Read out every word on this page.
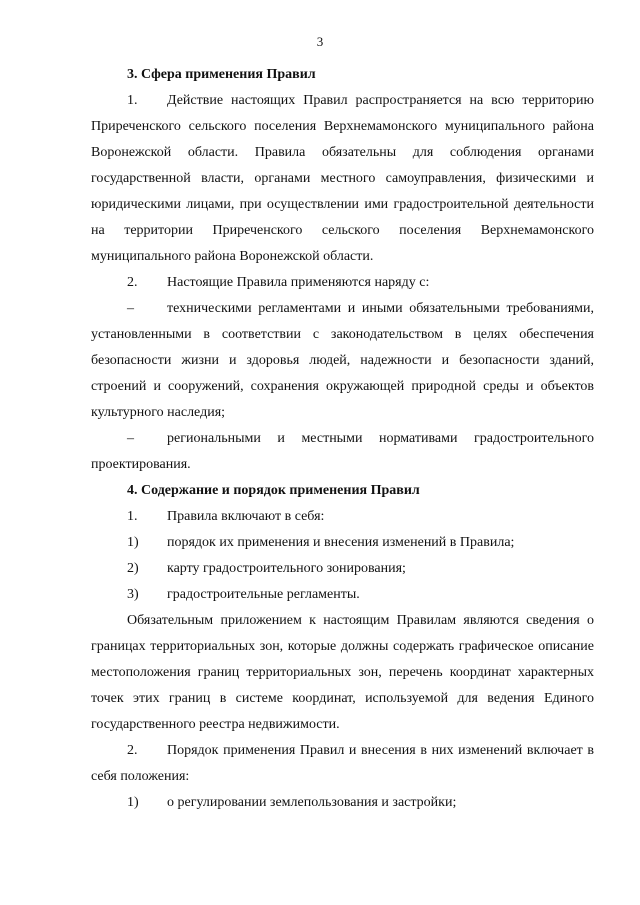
3

3. Сфера применения Правил

1. Действие настоящих Правил распространяется на всю территорию Приреченского сельского поселения Верхнемамонского муниципального района Воронежской области. Правила обязательны для соблюдения органами государственной власти, органами местного самоуправления, физическими и юридическими лицами, при осуществлении ими градостроительной деятельности на территории Приреченского сельского поселения Верхнемамонского муниципального района Воронежской области.

2. Настоящие Правила применяются наряду с:

– техническими регламентами и иными обязательными требованиями, установленными в соответствии с законодательством в целях обеспечения безопасности жизни и здоровья людей, надежности и безопасности зданий, строений и сооружений, сохранения окружающей природной среды и объектов культурного наследия;

– региональными и местными нормативами градостроительного проектирования.

4. Содержание и порядок применения Правил

1. Правила включают в себя:

1) порядок их применения и внесения изменений в Правила;

2) карту градостроительного зонирования;

3) градостроительные регламенты.

Обязательным приложением к настоящим Правилам являются сведения о границах территориальных зон, которые должны содержать графическое описание местоположения границ территориальных зон, перечень координат характерных точек этих границ в системе координат, используемой для ведения Единого государственного реестра недвижимости.

2. Порядок применения Правил и внесения в них изменений включает в себя положения:

1) о регулировании землепользования и застройки;
